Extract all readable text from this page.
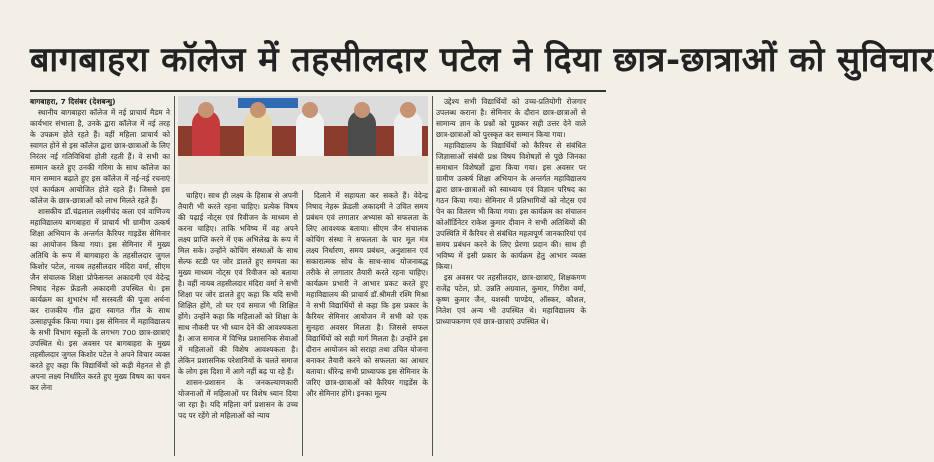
बागबाहरा कॉलेज में तहसीलदार पटेल ने दिया छात्र-छात्राओं को सुविचार

बागबाहरा, 7 दिसंबर (देशबन्धु)

स्थानीय बागबाहरा कॉलेज में नई प्राचार्य मैडम ने कार्यभार संभाला है, उनके द्वारा कॉलेज में नई तरह के उपक्रम होते रहते हैं। वहीं महिला प्राचार्य को स्वागत होने से इस कॉलेज द्वारा छात्र-छात्राओं के लिए निरंतर नई गतिविधियां होती रहती हैं। वे सभी का सम्मान करते हुए उनकी गरिमा के साथ कॉलेज का मान सम्मान बढ़ाते हुए इस कॉलेज में नई-नई रचनाएं एवं कार्यक्रम आयोजित होते रहते हैं। जिससे इस कॉलेज के छात्र-छात्राओं को लाभ मिलते रहते हैं।

शासकीय डॉ.चंद्रलाल लक्ष्मीचंद कला एवं वाणिज्य महाविद्यालय बागबाहरा में प्राचार्य भी ग्रामीण उत्कर्ष शिक्षा अभियान के अन्तर्गत कैरियर गाइडेंस सेमिनार का आयोजन किया गया। इस सेमिनार में मुख्य अतिथि के रूप में बागबाहरा के तहसीलदार जुगल किशोर पटेल, नायब तहसीलदार मंदिरा वर्मा, सीएम जैन संचालक शिक्षा प्रोफेसनल अकादमी एवं वेदेन्द्र निषाद नेहरू फ्रेंडली अकादमी उपस्थित थे। इस कार्यक्रम का शुभारंभ माँ सरस्वती की पूजा अर्चना कर राजकीय गीत द्वारा स्वागत गीत के साथ उत्साहपूर्वक किया गया। इस सेमिनार में महाविद्यालय के सभी विभाग स्कूलों के लगभग 700 छात्र-छात्राएं उपस्थित थे। इस अवसर पर बागबाहरा के मुख्य तहसीलदार जुगल किशोर पटेल ने अपने विचार व्यक्त करते हुए कहा कि विद्यार्थियों को कड़ी मेहनत से ही अपना लक्ष्य निर्धारित करते हुए मुख्य विषय का चयन कर लेना

चाहिए। साथ ही लक्ष्य के हिसाब से अपनी तैयारी भी करते रहना चाहिए। प्रत्येक विषय की पढ़ाई नोट्स एवं रिवीजन के माध्यम से करना चाहिए। ताकि भविष्य में वह अपने लक्ष्य प्राप्ति करने में एक अभिलेख के रूप में मिल सके। उन्होंने कोचिंग संस्थाओं के साथ सेल्फ स्टडी पर जोर डालते हुए समयता का मुख्य माध्यम नोट्स एवं रिवीजन को बताया है। वहीं नायब तहसीलदार मंदिरा वर्मा ने सभी शिक्षा पर जोर डालते हुए कहा कि यदि सभी शिक्षित होंगे, तो घर एवं समाज भी शिक्षित होंगे। उन्होंने कहा कि महिलाओं को शिक्षा के साथ नौकरी पर भी ध्यान देने की आवश्यकता है। आज समाज में विभिन्न प्रशासनिक सेवाओं में महिलाओं की विशेष आवश्यकता है। लेकिन प्रशासनिक परेशानियों के चलते समाज के लोग इस दिशा में आगे नहीं बढ़ पा रहे हैं।

शासन-प्रशासन के जनकल्याणकारी योजनाओं में महिलाओं पर विशेष ध्यान दिया जा रहा है। यदि महिला वर्ग प्रशासन के उच्च पद पर रहेंगे तो महिलाओं को न्याय

दिलाने में सहायता कर सकते हैं। वेदेन्द्र निषाद नेहरू फ्रेंडली अकादमी ने उचित समय प्रबंधन एवं लगातार अभ्यास को सफलता के लिए आवश्यक बताया। सीएम जैन संचालक कोचिंग संस्था ने सफलता के चार मूल मंत्र लक्ष्य निर्धारण, समय प्रबंधन, अनुशासन एवं सकारात्मक सोच के साथ-साथ योजनाबद्ध तरीके से लगातार तैयारी करते रहना चाहिए। कार्यक्रम प्रभारी ने आभार प्रकट करते हुए महाविद्यालय की प्राचार्य डॉ.श्रीमती रश्मि मिश्रा ने सभी विद्यार्थियों से कहा कि इस प्रकार के कैरियर सेमिनार आयोजन में सभी को एक सुनहरा अवसर मिलता है। जिससे सफल विद्यार्थियों को सही मार्ग मिलता है। उन्होंने इस दौरान आयोजन को सराहा तथा उचित योजना बनाकर तैयारी करने को सफलता का आधार बताया। धीरेन्द्र सभी प्राध्यापक इस सेमिनार के जरिए छात्र-छात्राओं को कैरियर गाइडेंस के और सेमिनार होंगे। इनका मूल्य

उद्देश्य सभी विद्यार्थियों को उच्च-प्रतियोगी रोजगार उपलब्ध कराना है। सेमिनार के दौरान छात्र-छात्राओं से सामान्य ज्ञान के प्रश्नों को पूछकर सही उत्तर देने वाले छात्र-छात्राओं को पुरस्कृत कर सम्मान किया गया।

महाविद्यालय के विद्यार्थियों को कैरियर से संबंधित जिज्ञासाओं संबंधी प्रश्न विषय विशेषज्ञों से पूछे जिनका समाधान विशेषज्ञों द्वारा किया गया। इस अवसर पर ग्रामीण उत्कर्ष शिक्षा अभियान के अन्तर्गत महाविद्यालय द्वारा छात्र-छात्राओं को स्वाध्याय एवं विज्ञान परिषद का गठन किया गया। सेमिनार में प्रतिभागियों को नोट्स एवं पेन का वितरण भी किया गया। इस कार्यक्रम का संचालन कोऑर्डिनेटर राकेश कुमार दीवान ने सभी अतिथियों की उपस्थिति में कैरियर से संबंधित महत्वपूर्ण जानकारियां एवं समय प्रबंधन करने के लिए प्रेरणा प्रदान की। साथ ही भविष्य में इसी प्रकार के कार्यक्रम हेतु आभार व्यक्त किया।

इस अवसर पर तहसीलदार, छात्र-छात्राएं, शिक्षकगण राजेंद्र पटेल, प्रो. उन्नति अग्रवाल, कुमार, गिरीश वर्मा, कृष्ण कुमार जैन, यशस्वी पाण्डेय, ऑस्कर, कौशल, नितेश एवं अन्य भी उपस्थित थे। महाविद्यालय के प्राध्यापकगण एवं छात्र-छात्राएं उपस्थित थे।
